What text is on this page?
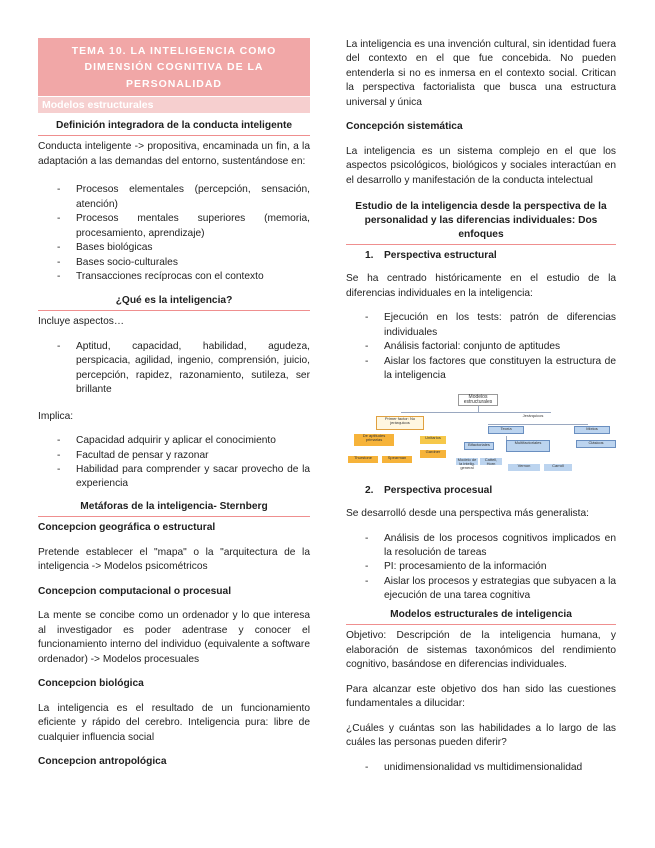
TEMA 10. LA INTELIGENCIA COMO DIMENSIÓN COGNITIVA DE LA PERSONALIDAD
Modelos estructurales
Definición integradora de la conducta inteligente

Conducta inteligente -> propositiva, encaminada un fin, a la adaptación a las demandas del entorno, sustentándose en:

- Procesos elementales (percepción, sensación, atención)
- Procesos mentales superiores (memoria, procesamiento, aprendizaje)
- Bases biológicas
- Bases socio-culturales
- Transacciones recíprocas con el contexto
¿Qué es la inteligencia?

Incluye aspectos…

- Aptitud, capacidad, habilidad, agudeza, perspicacia, agilidad, ingenio, comprensión, juicio, percepción, rapidez, razonamiento, sutileza, ser brillante

Implica:

- Capacidad adquirir y aplicar el conocimiento
- Facultad de pensar y razonar
- Habilidad para comprender y sacar provecho de la experiencia
Metáforas de la inteligencia- Sternberg
Concepcion geográfica o estructural

Pretende establecer el "mapa" o la "arquitectura de la inteligencia -> Modelos psicométricos

Concepcion computacional o procesual

La mente se concibe como un ordenador y lo que interesa al investigador es poder adentrase y conocer el funcionamiento interno del individuo (equivalente a software ordenador) -> Modelos procesuales

Concepcion biológica

La inteligencia es el resultado de un funcionamiento eficiente y rápido del cerebro. Inteligencia pura: libre de cualquier influencia social

Concepcion antropológica

La inteligencia es una invención cultural, sin identidad fuera del contexto en el que fue concebida. No pueden entenderla si no es inmersa en el contexto social. Critican la perspectiva factorialista que busca una estructura universal y única

Concepción sistemática

La inteligencia es un sistema complejo en el que los aspectos psicológicos, biológicos y sociales interactúan en el desarrollo y manifestación de la conducta intelectual

Estudio de la inteligencia desde la perspectiva de la personalidad y las diferencias individuales: Dos enfoques
1. Perspectiva estructural

Se ha centrado históricamente en el estudio de la diferencias individuales en la inteligencia:

- Ejecución en los tests: patrón de diferencias individuales
- Análisis factorial: conjunto de aptitudes
- Aislar los factores que constituyen la estructura de la inteligencia
Modelos estructurales
Primer factor: No jerárquicos
Jerárquicos
Teoría	Mixtos
De aptitudes primarias	Unitarios
Bifactoriales	Multifactoriales
Gardner
Thurstone	Spearman
Clásicos
Modelo de la intelig. general
Cattell, Horn	Vernon	Carroll
2. Perspectiva procesual

Se desarrolló desde una perspectiva más generalista:

- Análisis de los procesos cognitivos implicados en la resolución de tareas
- PI: procesamiento de la información
- Aislar los procesos y estrategias que subyacen a la ejecución de una tarea cognitiva
Modelos estructurales de inteligencia

Objetivo: Descripción de la inteligencia humana, y elaboración de sistemas taxonómicos del rendimiento cognitivo, basándose en diferencias individuales.

Para alcanzar este objetivo dos han sido las cuestiones fundamentales a dilucidar:

¿Cuáles y cuántas son las habilidades a lo largo de las cuáles las personas pueden diferir?

- unidimensionalidad vs multidimensionalidad
